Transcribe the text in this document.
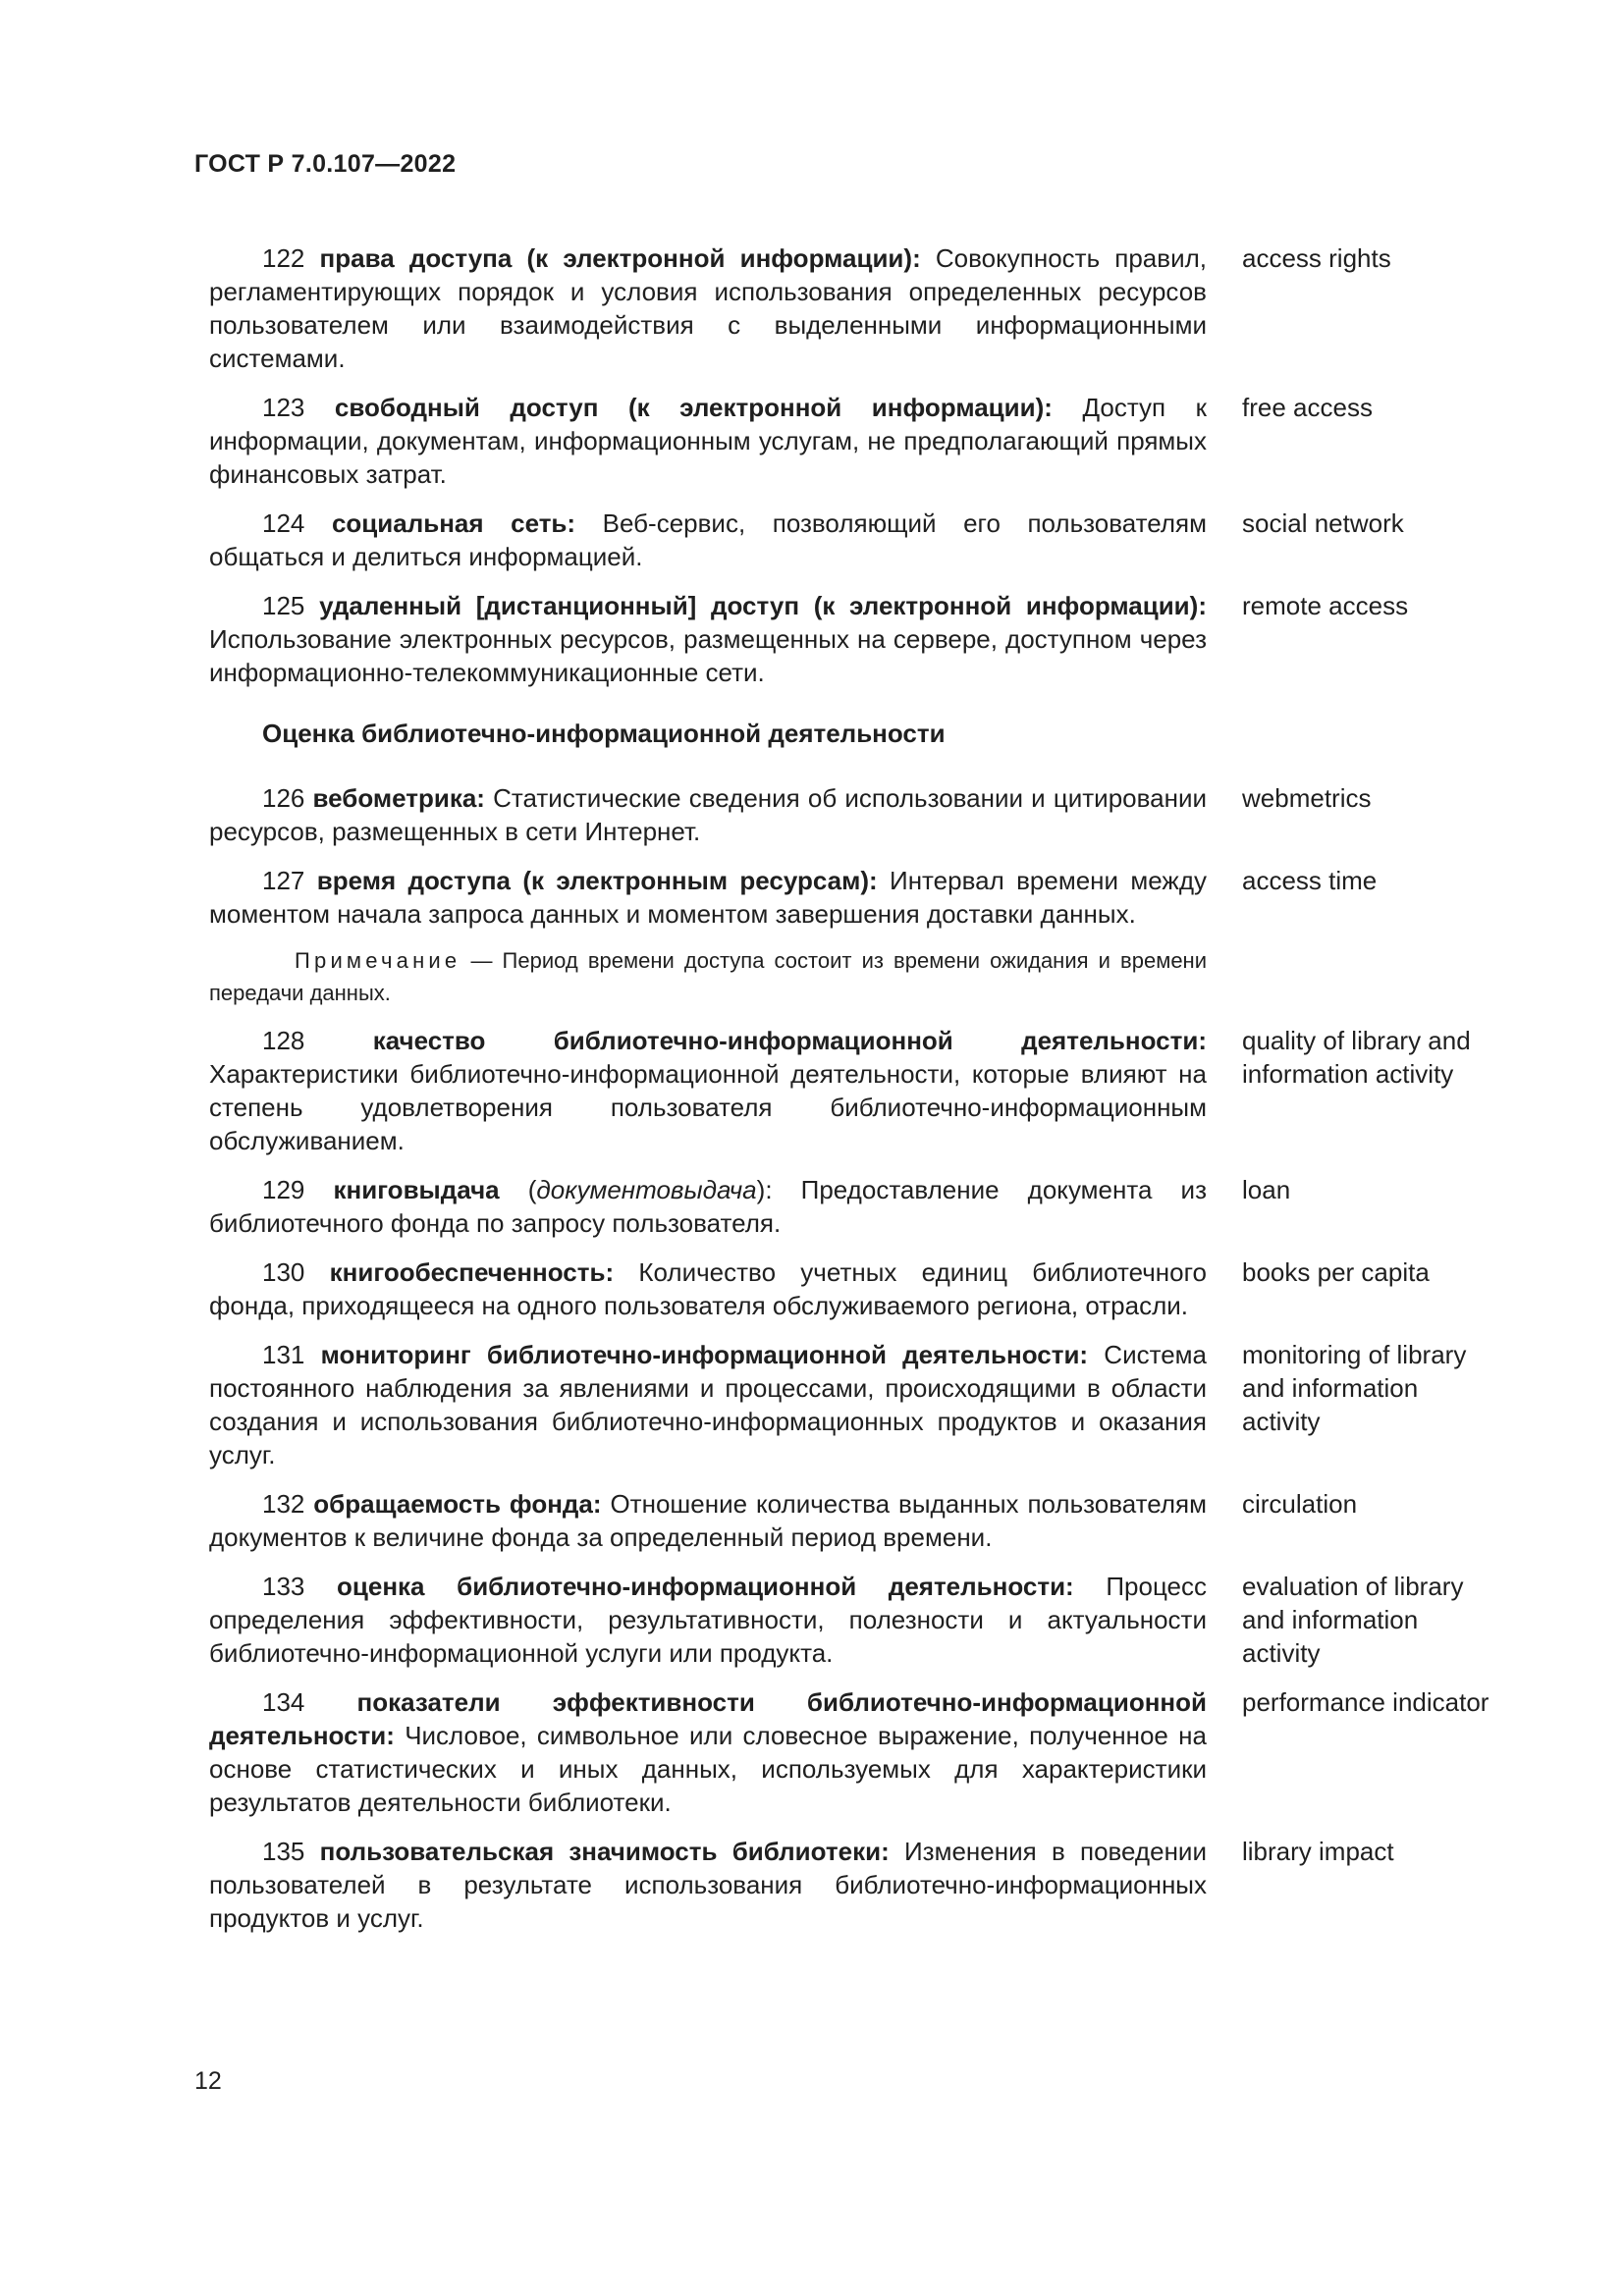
ГОСТ Р 7.0.107—2022
122 права доступа (к электронной информации): Совокупность правил, регламентирующих порядок и условия использования определенных ресурсов пользователем или взаимодействия с выделенными информационными системами.
access rights
123 свободный доступ (к электронной информации): Доступ к информации, документам, информационным услугам, не предполагающий прямых финансовых затрат.
free access
124 социальная сеть: Веб-сервис, позволяющий его пользователям общаться и делиться информацией.
social network
125 удаленный [дистанционный] доступ (к электронной информации): Использование электронных ресурсов, размещенных на сервере, доступном через информационно-телекоммуникационные сети.
remote access
Оценка библиотечно-информационной деятельности
126 вебометрика: Статистические сведения об использовании и цитировании ресурсов, размещенных в сети Интернет.
webmetrics
127 время доступа (к электронным ресурсам): Интервал времени между моментом начала запроса данных и моментом завершения доставки данных.
access time
Примечание — Период времени доступа состоит из времени ожидания и времени передачи данных.
128	качество библиотечно-информационной деятельности: Характеристики библиотечно-информационной деятельности, которые влияют на степень удовлетворения пользователя библиотечно-информационным обслуживанием.
quality of library and information activity
129 книговыдача (документовыдача): Предоставление документа из библиотечного фонда по запросу пользователя.
loan
130 книгообеспеченность: Количество учетных единиц библиотечного фонда, приходящееся на одного пользователя обслуживаемого региона, отрасли.
books per capita
131 мониторинг библиотечно-информационной деятельности: Система постоянного наблюдения за явлениями и процессами, происходящими в области создания и использования библиотечно-информационных продуктов и оказания услуг.
monitoring of library and information activity
132 обращаемость фонда: Отношение количества выданных пользователям документов к величине фонда за определенный период времени.
circulation
133 оценка библиотечно-информационной деятельности: Процесс определения эффективности, результативности, полезности и актуальности библиотечно-информационной услуги или продукта.
evaluation of library and information activity
134 показатели эффективности библиотечно-информационной деятельности: Числовое, символьное или словесное выражение, полученное на основе статистических и иных данных, используемых для характеристики результатов деятельности библиотеки.
performance indicator
135 пользовательская значимость библиотеки: Изменения в поведении пользователей в результате использования библиотечно-информационных продуктов и услуг.
library impact
12
